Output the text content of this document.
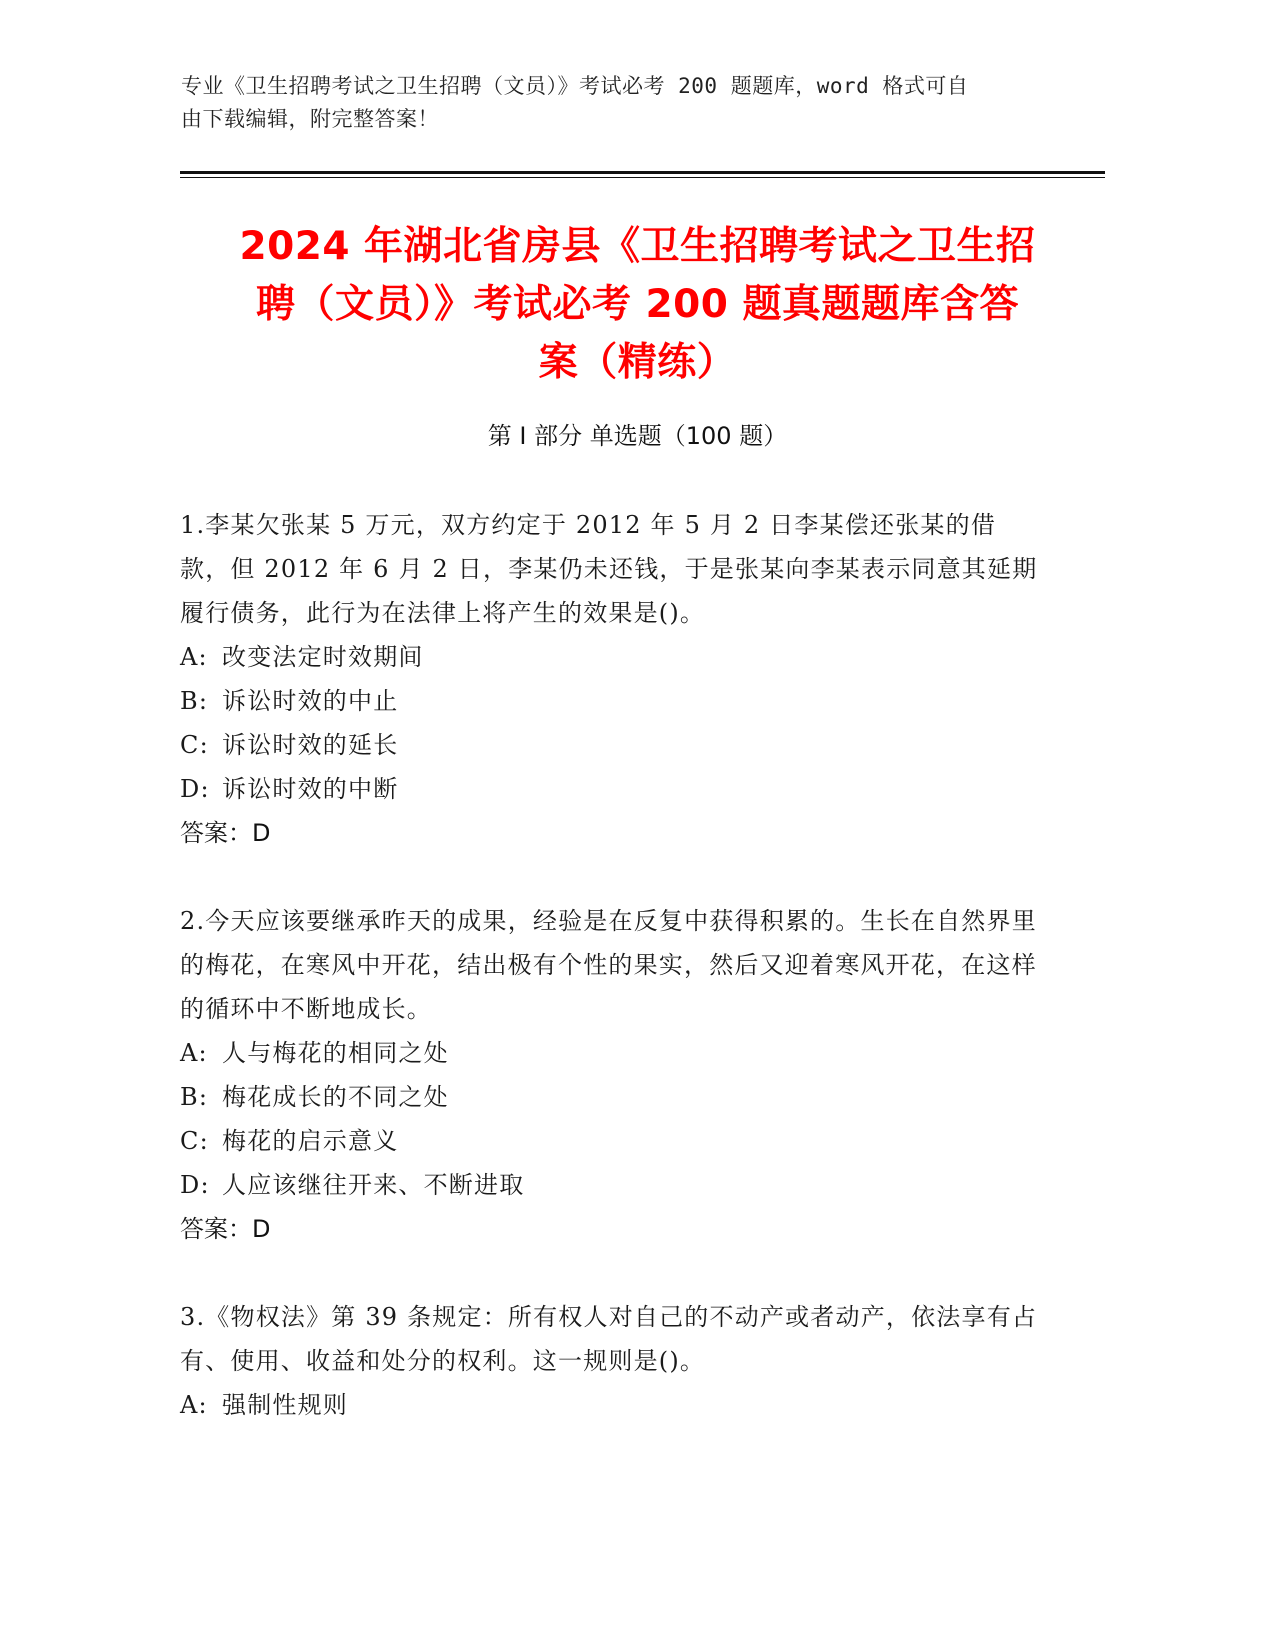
专业《卫生招聘考试之卫生招聘（文员）》考试必考 200 题题库，word 格式可自
由下载编辑，附完整答案！
2024 年湖北省房县《卫生招聘考试之卫生招
聘（文员）》考试必考 200 题真题题库含答
案（精练）
第 I 部分 单选题（100 题）

1.李某欠张某 5 万元，双方约定于 2012 年 5 月 2 日李某偿还张某的借款，但 2012 年 6 月 2 日，李某仍未还钱，于是张某向李某表示同意其延期履行债务，此行为在法律上将产生的效果是()。

A: 改变法定时效期间

B: 诉讼时效的中止

C: 诉讼时效的延长

D: 诉讼时效的中断

答案：D

2.今天应该要继承昨天的成果，经验是在反复中获得积累的。生长在自然界里的梅花，在寒风中开花，结出极有个性的果实，然后又迎着寒风开花，在这样的循环中不断地成长。

A: 人与梅花的相同之处

B: 梅花成长的不同之处

C: 梅花的启示意义

D: 人应该继往开来、不断进取

答案：D

3.《物权法》第 39 条规定：所有权人对自己的不动产或者动产，依法享有占有、使用、收益和处分的权利。这一规则是()。

A: 强制性规则
